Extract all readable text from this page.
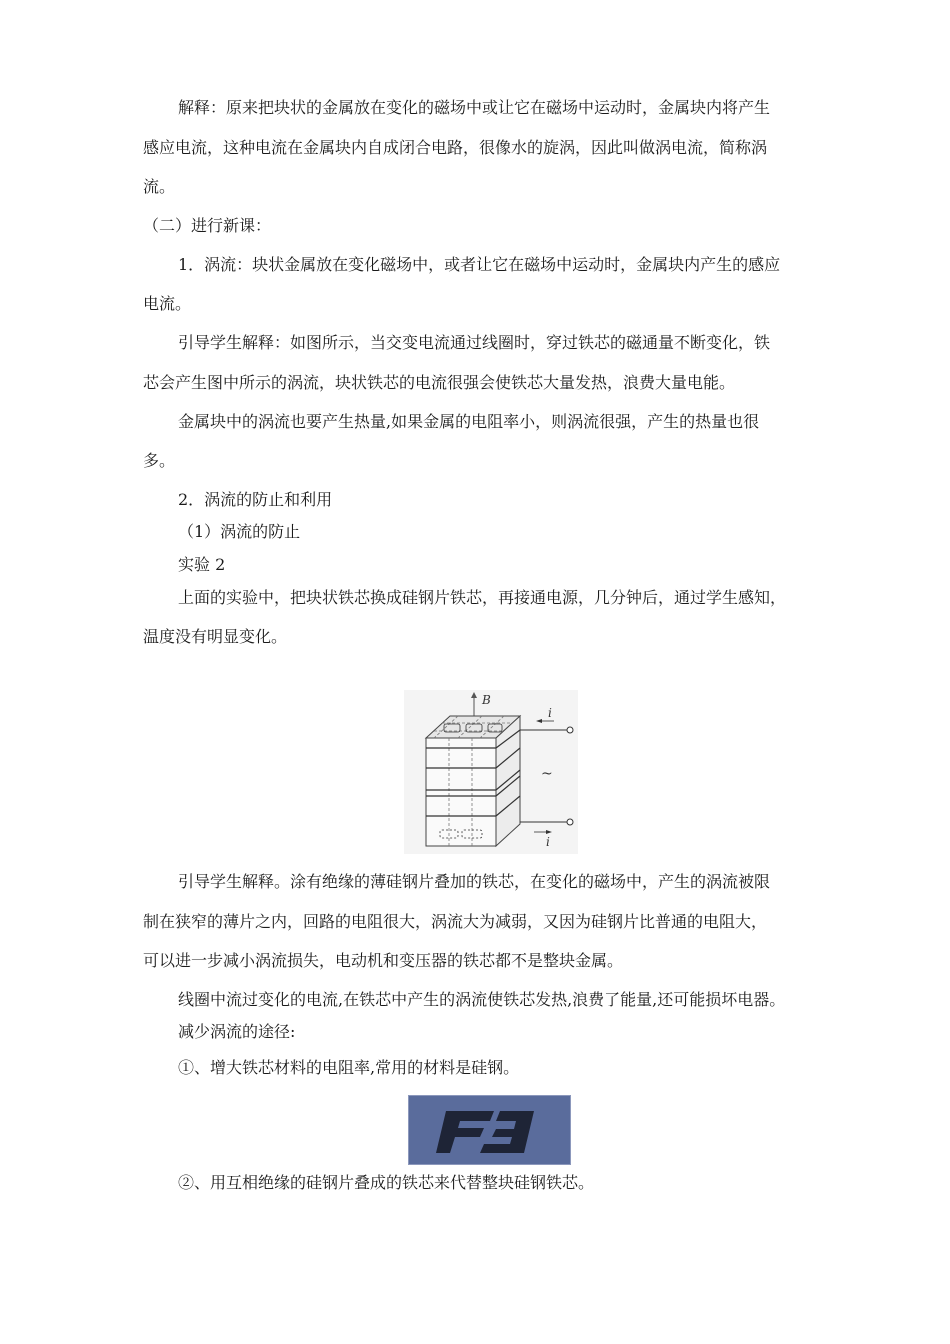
解释：原来把块状的金属放在变化的磁场中或让它在磁场中运动时，金属块内将产生
感应电流，这种电流在金属块内自成闭合电路，很像水的旋涡，因此叫做涡电流，简称涡
流。
（二）进行新课：
1．涡流：块状金属放在变化磁场中，或者让它在磁场中运动时，金属块内产生的感应
电流。
引导学生解释：如图所示，当交变电流通过线圈时，穿过铁芯的磁通量不断变化，铁
芯会产生图中所示的涡流，块状铁芯的电流很强会使铁芯大量发热，浪费大量电能。
金属块中的涡流也要产生热量,如果金属的电阻率小，则涡流很强，产生的热量也很
多。
2．涡流的防止和利用
（1）涡流的防止
实验 2
上面的实验中，把块状铁芯换成硅钢片铁芯，再接通电源，几分钟后，通过学生感知，
温度没有明显变化。
B
i
~
i
引导学生解释。涂有绝缘的薄硅钢片叠加的铁芯，在变化的磁场中，产生的涡流被限
制在狭窄的薄片之内，回路的电阻很大，涡流大为减弱，又因为硅钢片比普通的电阻大，
可以进一步减小涡流损失，电动机和变压器的铁芯都不是整块金属。
线圈中流过变化的电流,在铁芯中产生的涡流使铁芯发热,浪费了能量,还可能损坏电器。
减少涡流的途径:
①、增大铁芯材料的电阻率,常用的材料是硅钢。
②、用互相绝缘的硅钢片叠成的铁芯来代替整块硅钢铁芯。
